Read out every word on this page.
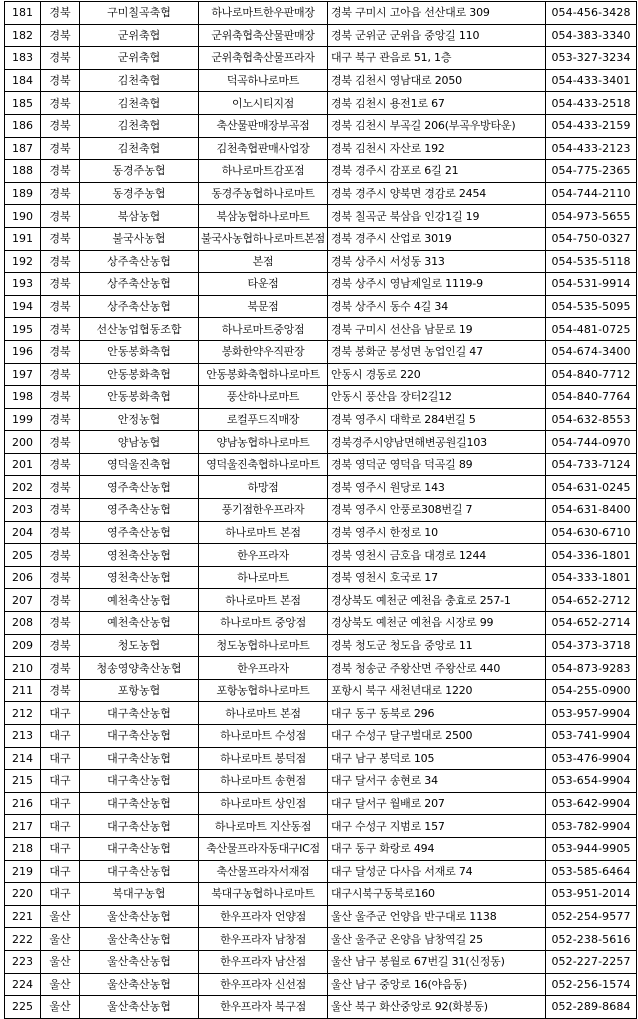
181	경북	구미칠곡축협	하나로마트한우판매장	경북 구미시 고아읍 선산대로 309	054-456-3428
182	경북	군위축협	군위축협축산물판매장	경북 군위군 군위읍 중앙길 110	054-383-3340
183	경북	군위축협	군위축협축산물프라자	대구 북구 관음로 51, 1층	053-327-3234
184	경북	김천축협	덕곡하나로마트	경북 김천시 영남대로 2050	054-433-3401
185	경북	김천축협	이노시티지점	경북 김천시 용전1로 67	054-433-2518
186	경북	김천축협	축산물판매장부곡점	경북 김천시 부곡길 206(부곡우방타운)	054-433-2159
187	경북	김천축협	김천축협판매사업장	경북 김천시 자산로 192	054-433-2123
188	경북	동경주농협	하나로마트감포점	경북 경주시 감포로 6길 21	054-775-2365
189	경북	동경주농협	동경주농협하나로마트	경북 경주시 양북면 경감로 2454	054-744-2110
190	경북	북삼농협	북삼농협하나로마트	경북 칠곡군 북삼읍 인강1길 19	054-973-5655
191	경북	불국사농협	불국사농협하나로마트본점	경북 경주시 산업로 3019	054-750-0327
192	경북	상주축산농협	본점	경북 상주시 서성동 313	054-535-5118
193	경북	상주축산농협	타운점	경북 상주시 영남제일로 1119-9	054-531-9914
194	경북	상주축산농협	북문점	경북 상주시 동수 4길 34	054-535-5095
195	경북	선산농업협동조합	하나로마트중앙점	경북 구미시 선산읍 남문로 19	054-481-0725
196	경북	안동봉화축협	봉화한약우직판장	경북 봉화군 봉성면 농업인길 47	054-674-3400
197	경북	안동봉화축협	안동봉화축협하나로마트	안동시 경동로 220	054-840-7712
198	경북	안동봉화축협	풍산하나로마트	안동시 풍산읍 장터2길12	054-840-7764
199	경북	안정농협	로컬푸드직매장	경북 영주시 대학로 284번길 5	054-632-8553
200	경북	양남농협	양남농협하나로마트	경북경주시양남면해변공원길103	054-744-0970
201	경북	영덕울진축협	영덕울진축협하나로마트	경북 영덕군 영덕읍 덕곡길 89	054-733-7124
202	경북	영주축산농협	하망점	경북 영주시 원당로 143	054-631-0245
203	경북	영주축산농협	풍기점한우프라자	경북 영주시 안풍로308번길 7	054-631-8400
204	경북	영주축산농협	하나로마트 본점	경북 영주시 한정로 10	054-630-6710
205	경북	영천축산농협	한우프라자	경북 영천시 금호읍 대경로 1244	054-336-1801
206	경북	영천축산농협	하나로마트	경북 영천시 호국로 17	054-333-1801
207	경북	예천축산농협	하나로마트 본점	경상북도 예천군 예천읍 충효로 257-1	054-652-2712
208	경북	예천축산농협	하나로마트 중앙점	경상북도 예천군 예천읍 시장로 99	054-652-2714
209	경북	청도농협	청도농협하나로마트	경북 청도군 청도읍 중앙로 11	054-373-3718
210	경북	청송영양축산농협	한우프라자	경북 청송군 주왕산면 주왕산로 440	054-873-9283
211	경북	포항농협	포항농협하나로마트	포항시 북구 새천년대로 1220	054-255-0900
212	대구	대구축산농협	하나로마트 본점	대구 동구 동북로 296	053-957-9904
213	대구	대구축산농협	하나로마트 수성점	대구 수성구 달구벌대로 2500	053-741-9904
214	대구	대구축산농협	하나로마트 봉덕점	대구 남구 봉덕로 105	053-476-9904
215	대구	대구축산농협	하나로마트 송현점	대구 달서구 송현로 34	053-654-9904
216	대구	대구축산농협	하나로마트 상인점	대구 달서구 월배로 207	053-642-9904
217	대구	대구축산농협	하나로마트 지산동점	대구 수성구 지범로 157	053-782-9904
218	대구	대구축산농협	축산물프라자동대구IC점	대구 동구 화랑로 494	053-944-9905
219	대구	대구축산농협	축산물프라자서재점	대구 달성군 다사읍 서재로 74	053-585-6464
220	대구	북대구농협	북대구농협하나로마트	대구시북구동북로160	053-951-2014
221	울산	울산축산농협	한우프라자 언양점	울산 울주군 언양읍 반구대로 1138	052-254-9577
222	울산	울산축산농협	한우프라자 남창점	울산 울주군 온양읍 남창역길 25	052-238-5616
223	울산	울산축산농협	한우프라자 남산점	울산 남구 봉월로 67번길 31(신정동)	052-227-2257
224	울산	울산축산농협	한우프라자 신선점	울산 남구 중앙로 16(야음동)	052-256-1574
225	울산	울산축산농협	한우프라자 북구점	울산 북구 화산중앙로 92(화봉동)	052-289-8684
